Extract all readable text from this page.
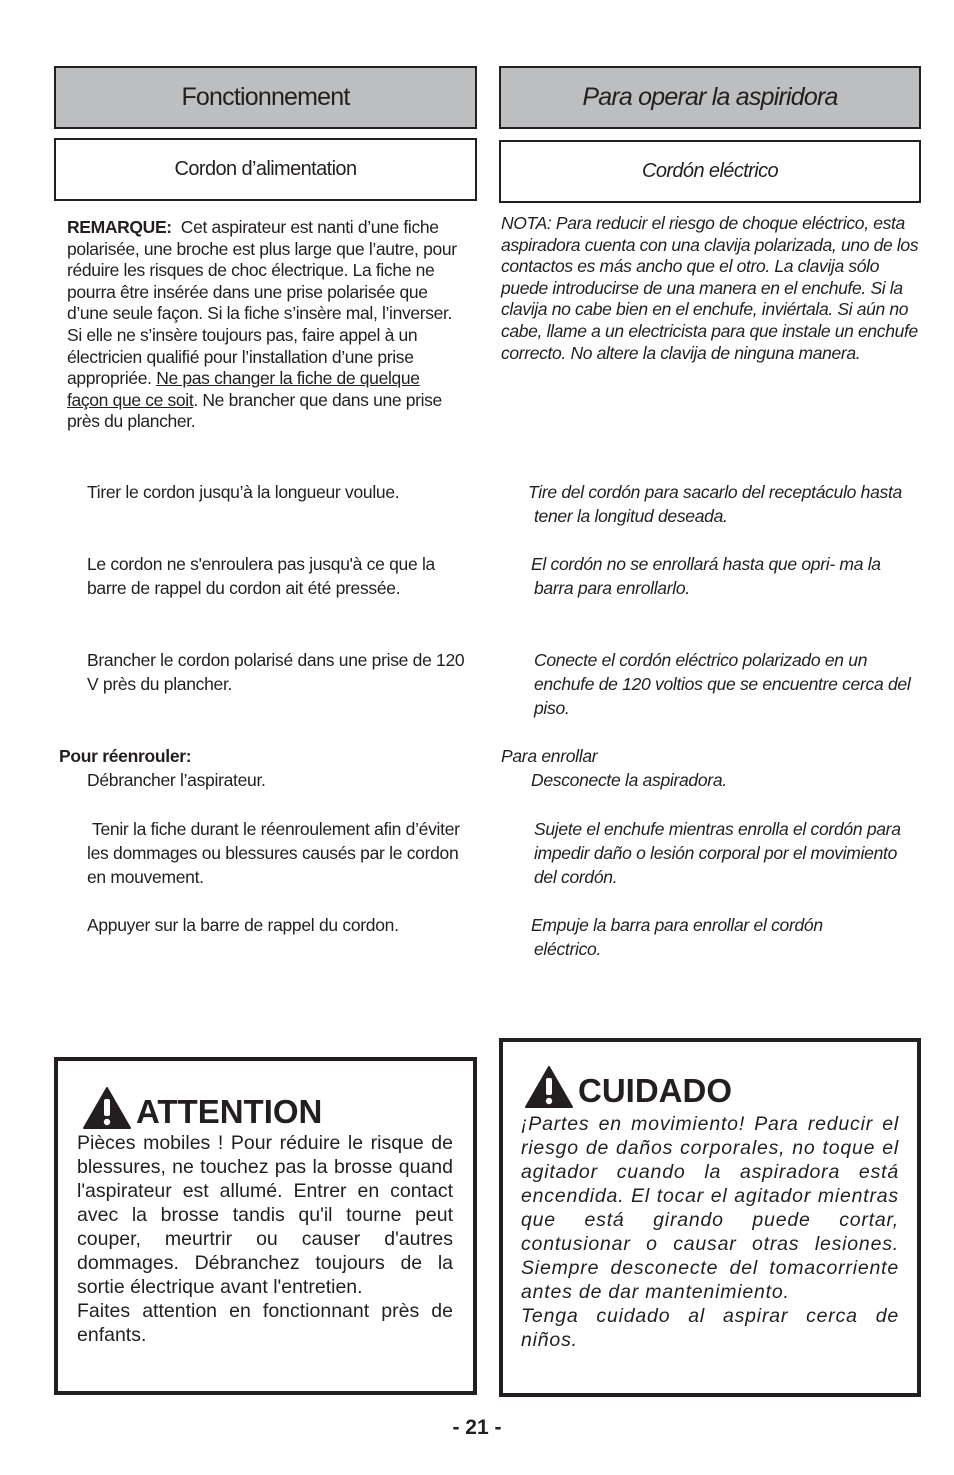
Fonctionnement
Cordon d’alimentation
REMARQUE: Cet aspirateur est nanti d’une fiche polarisée, une broche est plus large que l’autre, pour réduire les risques de choc électrique. La fiche ne pourra être insérée dans une prise polarisée que d’une seule façon. Si la fiche s’insère mal, l’inverser. Si elle ne s’insère toujours pas, faire appel à un électricien qualifié pour l’installation d’une prise appropriée. Ne pas changer la fiche de quelque façon que ce soit. Ne brancher que dans une prise près du plancher.
Tirer le cordon jusqu’à la longueur voulue.
Le cordon ne s'enroulera pas jusqu'à ce que la barre de rappel du cordon ait été pressée.
Brancher le cordon polarisé dans une prise de 120 V près du plancher.
Pour réenrouler:
Débrancher l’aspirateur.
Tenir la fiche durant le réenroulement afin d’éviter les dommages ou blessures causés par le cordon en mouvement.
Appuyer sur la barre de rappel du cordon.
ATTENTION
Pièces mobiles ! Pour réduire le risque de blessures, ne touchez pas la brosse quand l'aspirateur est allumé. Entrer en contact avec la brosse tandis qu'il tourne peut couper, meurtrir ou causer d'autres dommages. Débranchez toujours de la sortie électrique avant l'entretien.
Faites attention en fonctionnant près de enfants.
Para operar la aspiridora
Cordón eléctrico
NOTA: Para reducir el riesgo de choque eléctrico, esta aspiradora cuenta con una clavija polarizada, uno de los contactos es más ancho que el otro. La clavija sólo puede introducirse de una manera en el enchufe. Si la clavija no cabe bien en el enchufe, inviértala. Si aún no cabe, llame a un electricista para que instale un enchufe correcto. No altere la clavija de ninguna manera.
Tire del cordón para sacarlo del receptáculo hasta tener la longitud deseada.
El cordón no se enrollará hasta que opri- ma la barra para enrollarlo.
Conecte el cordón eléctrico polarizado en un enchufe de 120 voltios que se encuentre cerca del piso.
Para enrollar
Desconecte la aspiradora.
Sujete el enchufe mientras enrolla el cordón para impedir daño o lesión corporal por el movimiento del cordón.
Empuje la barra para enrollar el cordón eléctrico.
CUIDADO
¡Partes en movimiento! Para reducir el riesgo de daños corporales, no toque el agitador cuando la aspiradora está encendida. El tocar el agitador mientras que está girando puede cortar, contusionar o causar otras lesiones. Siempre desconecte del tomacorriente antes de dar mantenimiento.
Tenga cuidado al aspirar cerca de niños.
- 21 -
